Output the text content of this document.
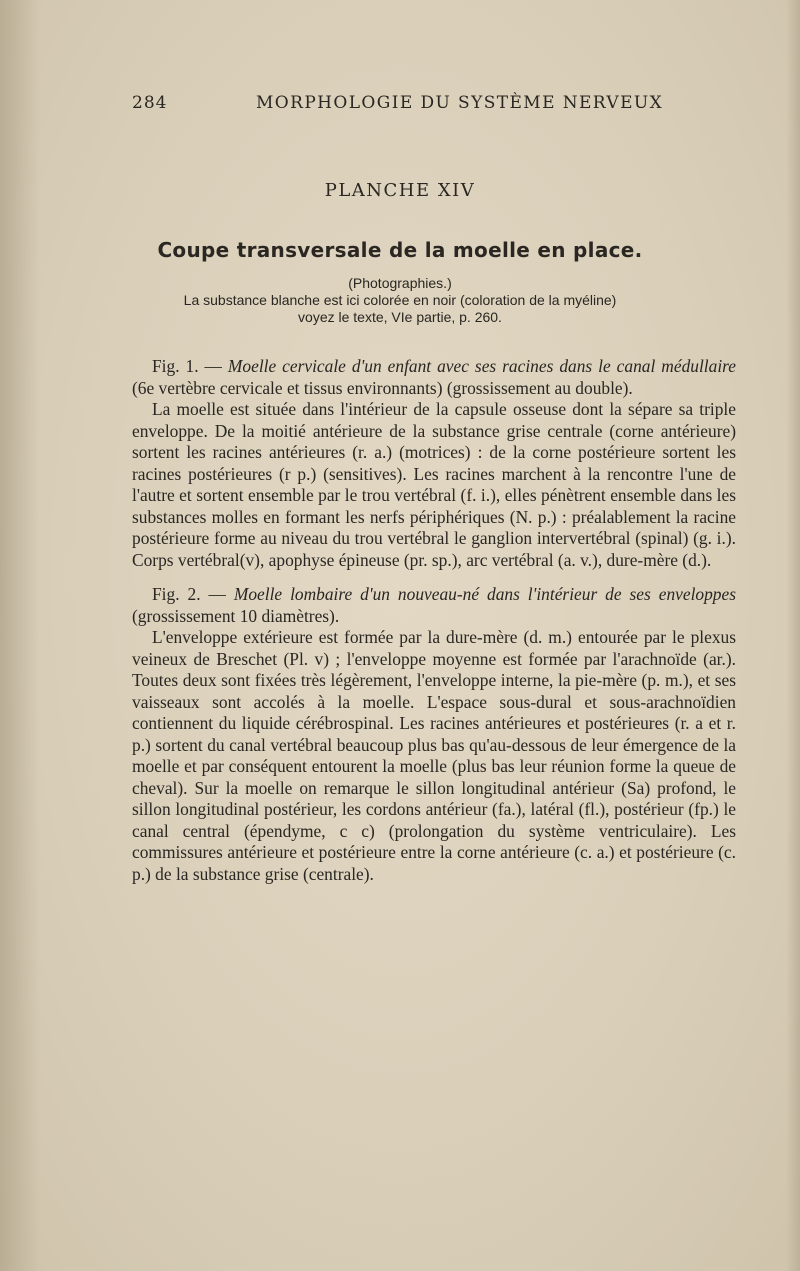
284	MORPHOLOGIE DU SYSTÈME NERVEUX
PLANCHE XIV
Coupe transversale de la moelle en place.
(Photographies.)
La substance blanche est ici colorée en noir (coloration de la myéline)
voyez le texte, VIe partie, p. 260.

Fig. 1. — Moelle cervicale d'un enfant avec ses racines dans le canal médullaire (6e vertèbre cervicale et tissus environnants) (grossissement au double).

La moelle est située dans l'intérieur de la capsule osseuse dont la sépare sa triple enveloppe. De la moitié antérieure de la substance grise centrale (corne antérieure) sortent les racines antérieures (r. a.) (motrices) : de la corne postérieure sortent les racines postérieures (r p.) (sensitives). Les racines marchent à la rencontre l'une de l'autre et sortent ensemble par le trou vertébral (f. i.), elles pénètrent ensemble dans les substances molles en formant les nerfs périphériques (N. p.) : préalablement la racine postérieure forme au niveau du trou vertébral le ganglion intervertébral (spinal) (g. i.). Corps vertébral(v), apophyse épineuse (pr. sp.), arc vertébral (a. v.), dure-mère (d.).

Fig. 2. — Moelle lombaire d'un nouveau-né dans l'intérieur de ses enveloppes (grossissement 10 diamètres).

L'enveloppe extérieure est formée par la dure-mère (d. m.) entourée par le plexus veineux de Breschet (Pl. v) ; l'enveloppe moyenne est formée par l'arachnoïde (ar.). Toutes deux sont fixées très légèrement, l'enveloppe interne, la pie-mère (p. m.), et ses vaisseaux sont accolés à la moelle. L'espace sous-dural et sous-arachnoïdien contiennent du liquide cérébrospinal. Les racines antérieures et postérieures (r. a et r. p.) sortent du canal vertébral beaucoup plus bas qu'au-dessous de leur émergence de la moelle et par conséquent entourent la moelle (plus bas leur réunion forme la queue de cheval). Sur la moelle on remarque le sillon longitudinal antérieur (Sa) profond, le sillon longitudinal postérieur, les cordons antérieur (fa.), latéral (fl.), postérieur (fp.) le canal central (épendyme, c c) (prolongation du système ventriculaire). Les commissures antérieure et postérieure entre la corne antérieure (c. a.) et postérieure (c. p.) de la substance grise (centrale).
